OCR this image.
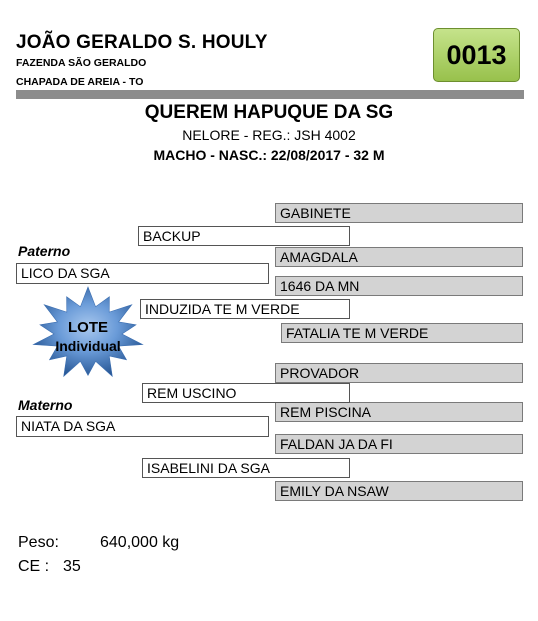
JOÃO GERALDO S. HOULY
FAZENDA SÃO GERALDO
CHAPADA DE AREIA - TO
0013
QUEREM HAPUQUE DA SG
NELORE - REG.: JSH 4002
MACHO - NASC.: 22/08/2017 - 32 M
GABINETE
AMAGDALA
1646 DA MN
FATALIA TE M VERDE
PROVADOR
REM PISCINA
FALDAN JA DA FI
EMILY DA NSAW
BACKUP
INDUZIDA TE M VERDE
REM USCINO
ISABELINI DA SGA
Paterno
LICO DA SGA
Materno
NIATA DA SGA
LOTE
Individual
Peso:	640,000 kg
CE : 35
